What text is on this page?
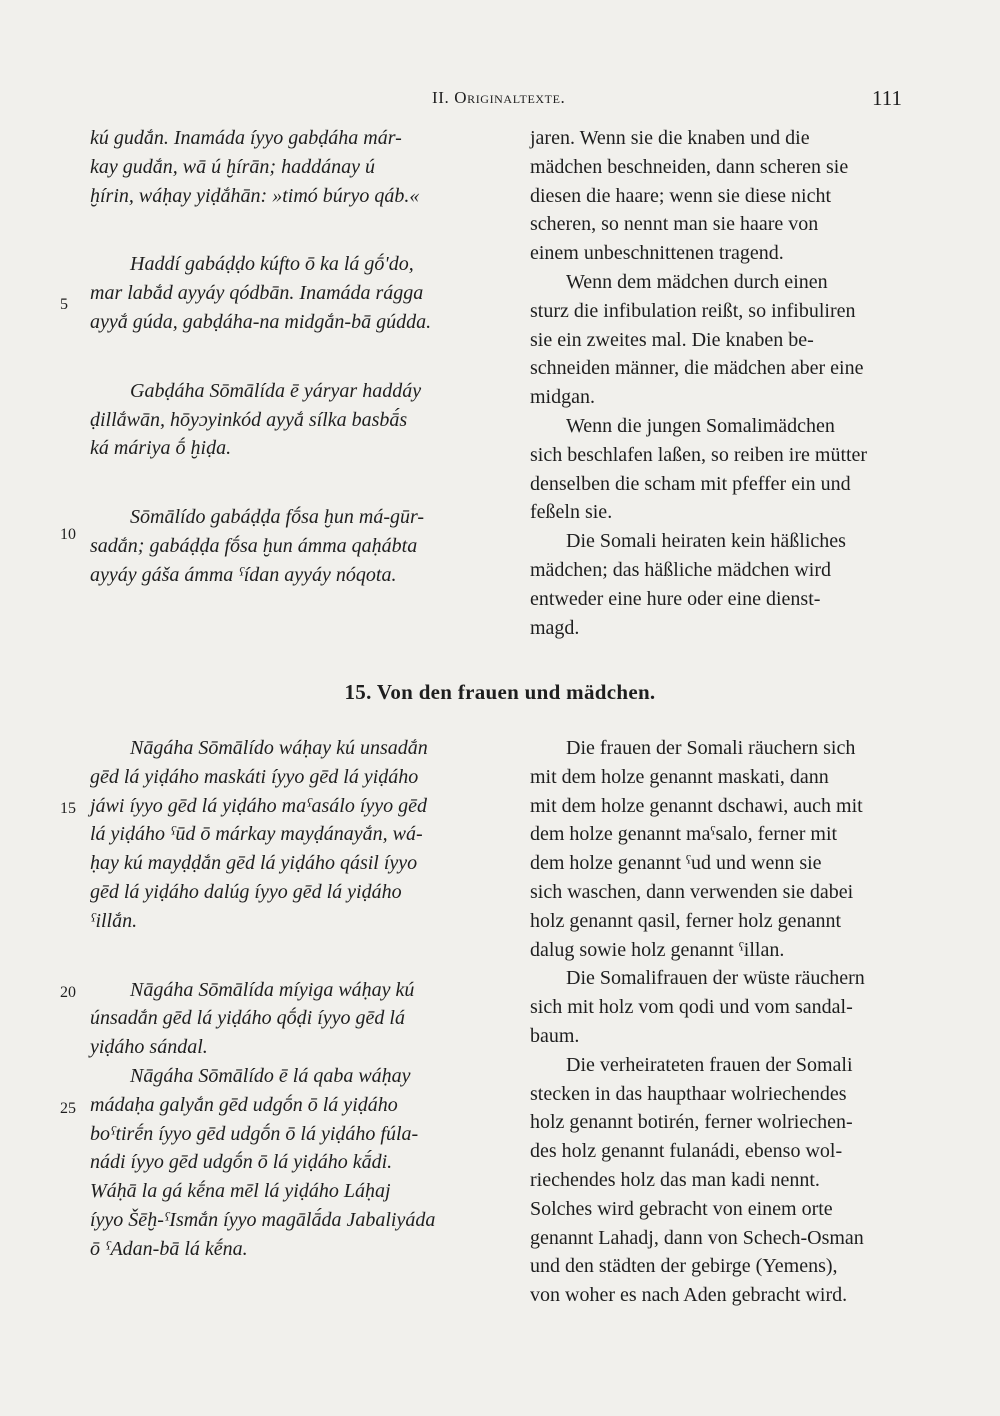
II. Originaltexte.	111

kú gudắn. Inamáda íyyo gabḍáha már-
kay gudắn, wā ú ḫírān; haddánay ú
ḫírin, wáḥay yiḍắhān: »timó búryo qáb.«

Haddí gabáḍḍo kúfto ō ka lá gṓ'do,
mar labắd ayyáy qódbān. Inamáda rágga
ayyắ gúda, gabḍáha-na midgắn-bā gúdda.

Gabḍáha Sōmālída ē yáryar haddáy
ḍillắwān, hōyɔyinkód ayyắ sílka basbā́s
ká máriya ṓ ḫiḍa.

Sōmālído gabáḍḍa fṓsa ḫun má-gūr-
sadắn; gabáḍḍa fṓsa ḫun ámma qaḥábta
ayyáy gáša ámma ˁídan ayyáy nóqota.

jaren. Wenn sie die knaben und die
mädchen beschneiden, dann scheren sie
diesen die haare; wenn sie diese nicht
scheren, so nennt man sie haare von
einem unbeschnittenen tragend.

Wenn dem mädchen durch einen
sturz die infibulation reißt, so infibuliren
sie ein zweites mal. Die knaben be-
schneiden männer, die mädchen aber eine
midgan.

Wenn die jungen Somalimädchen
sich beschlafen laßen, so reiben ire mütter
denselben die scham mit pfeffer ein und
feßeln sie.

Die Somali heiraten kein häßliches
mädchen; das häßliche mädchen wird
entweder eine hure oder eine dienst-
magd.

15. Von den frauen und mädchen.

Nāgáha Sōmālído wáḥay kú unsadắn
gēd lá yiḍáho maskáti íyyo gēd lá yiḍáho
jáwi íyyo gēd lá yiḍáho maˁasálo íyyo gēd
lá yiḍáho ˁūd ō márkay mayḍánayắn, wá-
ḥay kú mayḍḍắn gēd lá yiḍáho qásil íyyo
gēd lá yiḍáho dalúg íyyo gēd lá yiḍáho
ˁillắn.

Nāgáha Sōmālída míyiga wáḥay kú
únsadắn gēd lá yiḍáho qṓḍi íyyo gēd lá
yiḍáho sándal.

Nāgáha Sōmālído ē lá qaba wáḥay
mádaḥa galyắn gēd udgṓn ō lá yiḍáho
boˁtirḗn íyyo gēd udgṓn ō lá yiḍáho fúla-
nádi íyyo gēd udgṓn ō lá yiḍáho kā́di.
Wáḥā la gá kḗna mēl lá yiḍáho Láḥaj
íyyo Šēḫ-ˁIsmắn íyyo magālā́da Jabaliyáda
ō ˁAdan-bā lá kḗna.

Die frauen der Somali räuchern sich
mit dem holze genannt maskati, dann
mit dem holze genannt dschawi, auch mit
dem holze genannt maˁsalo, ferner mit
dem holze genannt ˁud und wenn sie
sich waschen, dann verwenden sie dabei
holz genannt qasil, ferner holz genannt
dalug sowie holz genannt ˁillan.

Die Somalifrauen der wüste räuchern
sich mit holz vom qodi und vom sandal-
baum.

Die verheirateten frauen der Somali
stecken in das haupthaar wolriechendes
holz genannt botirén, ferner wolriechen-
des holz genannt fulanádi, ebenso wol-
riechendes holz das man kadi nennt.
Solches wird gebracht von einem orte
genannt Lahadj, dann von Schech-Osman
und den städten der gebirge (Yemens),
von woher es nach Aden gebracht wird.

5
10
15
20
25
